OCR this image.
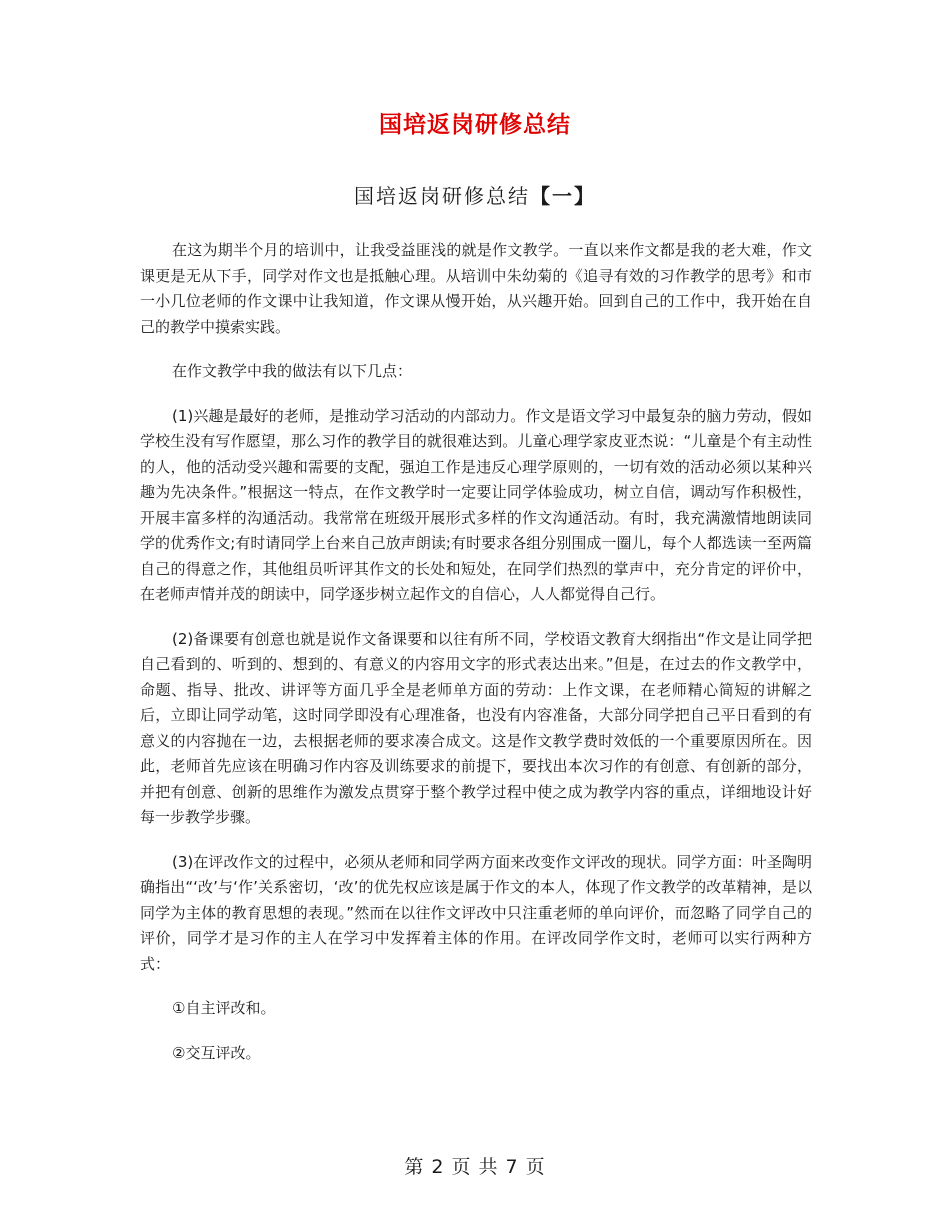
国培返岗研修总结
国培返岗研修总结【一】

在这为期半个月的培训中，让我受益匪浅的就是作文教学。一直以来作文都是我的老大难，作文课更是无从下手，同学对作文也是抵触心理。从培训中朱幼菊的《追寻有效的习作教学的思考》和市一小几位老师的作文课中让我知道，作文课从慢开始，从兴趣开始。回到自己的工作中，我开始在自己的教学中摸索实践。

在作文教学中我的做法有以下几点：

(1)兴趣是最好的老师，是推动学习活动的内部动力。作文是语文学习中最复杂的脑力劳动，假如学校生没有写作愿望，那么习作的教学目的就很难达到。儿童心理学家皮亚杰说：“儿童是个有主动性的人，他的活动受兴趣和需要的支配，强迫工作是违反心理学原则的，一切有效的活动必须以某种兴趣为先决条件。”根据这一特点，在作文教学时一定要让同学体验成功，树立自信，调动写作积极性，开展丰富多样的沟通活动。我常常在班级开展形式多样的作文沟通活动。有时，我充满激情地朗读同学的优秀作文;有时请同学上台来自己放声朗读;有时要求各组分别围成一圈儿，每个人都选读一至两篇自己的得意之作，其他组员听评其作文的长处和短处，在同学们热烈的掌声中，充分肯定的评价中，在老师声情并茂的朗读中，同学逐步树立起作文的自信心，人人都觉得自己行。

(2)备课要有创意也就是说作文备课要和以往有所不同，学校语文教育大纲指出“作文是让同学把自己看到的、听到的、想到的、有意义的内容用文字的形式表达出来。”但是，在过去的作文教学中，命题、指导、批改、讲评等方面几乎全是老师单方面的劳动：上作文课，在老师精心简短的讲解之后，立即让同学动笔，这时同学即没有心理准备，也没有内容准备，大部分同学把自己平日看到的有意义的内容抛在一边，去根据老师的要求凑合成文。这是作文教学费时效低的一个重要原因所在。因此，老师首先应该在明确习作内容及训练要求的前提下，要找出本次习作的有创意、有创新的部分，并把有创意、创新的思维作为激发点贯穿于整个教学过程中使之成为教学内容的重点，详细地设计好每一步教学步骤。

(3)在评改作文的过程中，必须从老师和同学两方面来改变作文评改的现状。同学方面：叶圣陶明确指出“‘改’与‘作’关系密切，‘改’的优先权应该是属于作文的本人，体现了作文教学的改革精神，是以同学为主体的教育思想的表现。”然而在以往作文评改中只注重老师的单向评价，而忽略了同学自己的评价，同学才是习作的主人在学习中发挥着主体的作用。在评改同学作文时，老师可以实行两种方式：

①自主评改和。

②交互评改。

第 2 页 共 7 页
